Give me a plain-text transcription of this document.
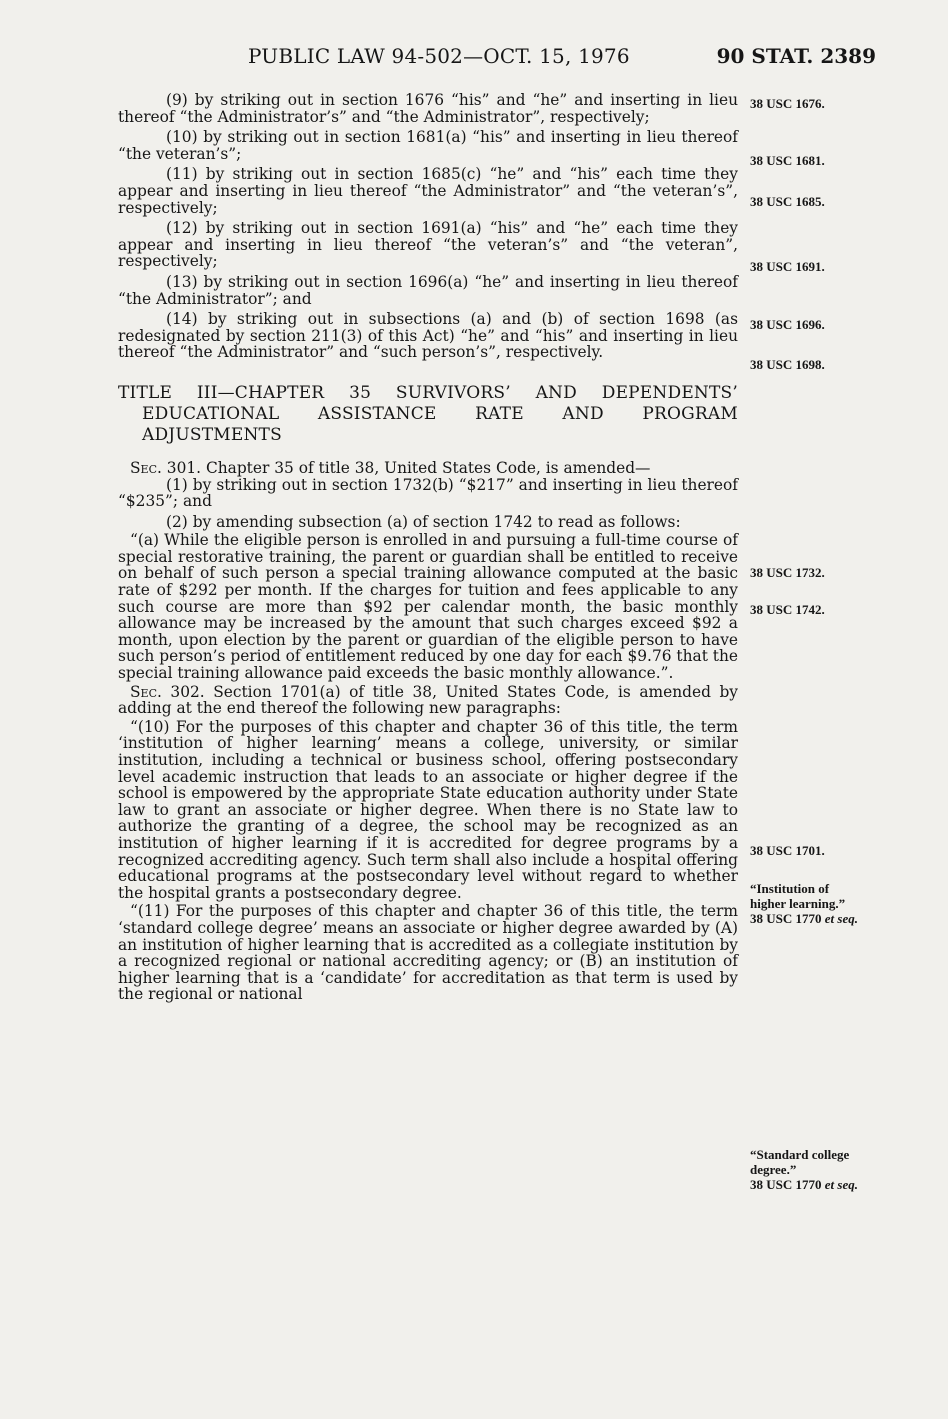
PUBLIC LAW 94-502—OCT. 15, 1976	90 STAT. 2389

(9) by striking out in section 1676 “his” and “he” and inserting in lieu thereof “the Administrator’s” and “the Administrator”, respectively;

(10) by striking out in section 1681(a) “his” and inserting in lieu thereof “the veteran’s”;

(11) by striking out in section 1685(c) “he” and “his” each time they appear and inserting in lieu thereof “the Administrator” and “the veteran’s”, respectively;

(12) by striking out in section 1691(a) “his” and “he” each time they appear and inserting in lieu thereof “the veteran’s” and “the veteran”, respectively;

(13) by striking out in section 1696(a) “he” and inserting in lieu thereof “the Administrator”; and

(14) by striking out in subsections (a) and (b) of section 1698 (as redesignated by section 211(3) of this Act) “he” and “his” and inserting in lieu thereof “the Administrator” and “such person’s”, respectively.

TITLE III—CHAPTER 35 SURVIVORS’ AND DEPENDENTS’ EDUCATIONAL ASSISTANCE RATE AND PROGRAM ADJUSTMENTS

Sec. 301. Chapter 35 of title 38, United States Code, is amended—

(1) by striking out in section 1732(b) “$217” and inserting in lieu thereof “$235”; and

(2) by amending subsection (a) of section 1742 to read as follows:

“(a) While the eligible person is enrolled in and pursuing a full-time course of special restorative training, the parent or guardian shall be entitled to receive on behalf of such person a special training allowance computed at the basic rate of $292 per month. If the charges for tuition and fees applicable to any such course are more than $92 per calendar month, the basic monthly allowance may be increased by the amount that such charges exceed $92 a month, upon election by the parent or guardian of the eligible person to have such person’s period of entitlement reduced by one day for each $9.76 that the special training allowance paid exceeds the basic monthly allowance.”.

Sec. 302. Section 1701(a) of title 38, United States Code, is amended by adding at the end thereof the following new paragraphs:

“(10) For the purposes of this chapter and chapter 36 of this title, the term ‘institution of higher learning’ means a college, university, or similar institution, including a technical or business school, offering postsecondary level academic instruction that leads to an associate or higher degree if the school is empowered by the appropriate State education authority under State law to grant an associate or higher degree. When there is no State law to authorize the granting of a degree, the school may be recognized as an institution of higher learning if it is accredited for degree programs by a recognized accrediting agency. Such term shall also include a hospital offering educational programs at the postsecondary level without regard to whether the hospital grants a postsecondary degree.

“(11) For the purposes of this chapter and chapter 36 of this title, the term ‘standard college degree’ means an associate or higher degree awarded by (A) an institution of higher learning that is accredited as a collegiate institution by a recognized regional or national accrediting agency; or (B) an institution of higher learning that is a ‘candidate’ for accreditation as that term is used by the regional or national

38 USC 1676.
38 USC 1681.
38 USC 1685.
38 USC 1691.
38 USC 1696.
38 USC 1698.
38 USC 1732.
38 USC 1742.
38 USC 1701.
“Institution of higher learning.”
38 USC 1770 et seq.
“Standard college degree.”
38 USC 1770 et seq.
